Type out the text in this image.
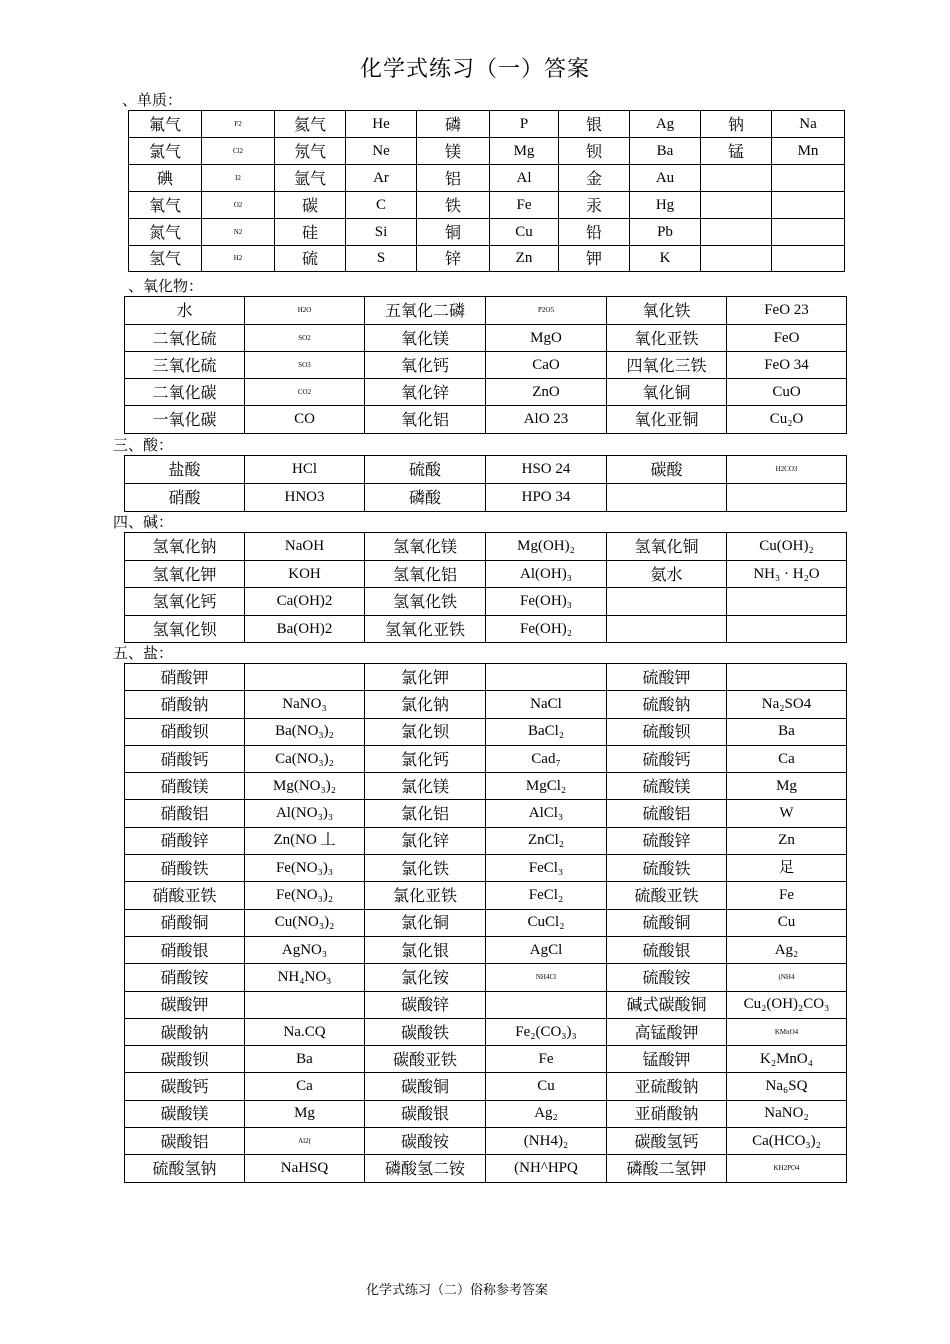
化学式练习（一）答案
、单质：
氟气	F2	氦气	He	磷	P	银	Ag	钠	Na
氯气	Cl2	氖气	Ne	镁	Mg	钡	Ba	锰	Mn
碘	I2	氩气	Ar	铝	Al	金	Au		
氧气	O2	碳	C	铁	Fe	汞	Hg		
氮气	N2	硅	Si	铜	Cu	铅	Pb		
氢气	H2	硫	S	锌	Zn	钾	K		
、氧化物：
水	H2O	五氧化二磷	P2O5	氧化铁	FeO 23
二氧化硫	SO2	氧化镁	MgO	氧化亚铁	FeO
三氧化硫	SO3	氧化钙	CaO	四氧化三铁	FeO 34
二氧化碳	CO2	氧化锌	ZnO	氧化铜	CuO
一氧化碳	CO	氧化铝	AlO 23	氧化亚铜	Cu₂O
三、酸：
盐酸	HCl	硫酸	HSO 24	碳酸	H2CO3
硝酸	HNO3	磷酸	HPO 34		
四、碱：
氢氧化钠	NaOH	氢氧化镁	Mg(OH)₂	氢氧化铜	Cu(OH)₂
氢氧化钾	KOH	氢氧化铝	Al(OH)₃	氨水	NH₃ · H₂O
氢氧化钙	Ca(OH)2	氢氧化铁	Fe(OH)₃		
氢氧化钡	Ba(OH)2	氢氧化亚铁	Fe(OH)₂		
五、盐：
硝酸钾		氯化钾		硫酸钾	
硝酸钠	NaNO₃	氯化钠	NaCl	硫酸钠	Na₂SO4
硝酸钡	Ba(NO₃)₂	氯化钡	BaCl₂	硫酸钡	Ba
硝酸钙	Ca(NO₃)₂	氯化钙	Cad₇	硫酸钙	Ca
硝酸镁	Mg(NO₃)₂	氯化镁	MgCl₂	硫酸镁	Mg
硝酸铝	Al(NO₃)₃	氯化铝	AlCl₃	硫酸铝	W
硝酸锌	Zn(NO 丄	氯化锌	ZnCl₂	硫酸锌	Zn
硝酸铁	Fe(NO₃)₃	氯化铁	FeCl₃	硫酸铁	足
硝酸亚铁	Fe(NO₃)₂	氯化亚铁	FeCl₂	硫酸亚铁	Fe
硝酸铜	Cu(NO₃)₂	氯化铜	CuCl₂	硫酸铜	Cu
硝酸银	AgNO₃	氯化银	AgCl	硫酸银	Ag₂
硝酸铵	NH₄NO₃	氯化铵	NH4Cl	硫酸铵	(NH4
碳酸钾		碳酸锌		碱式碳酸铜	Cu₂(OH)₂CO₃
碳酸钠	Na.CQ	碳酸铁	Fe₂(CO₃)₃	高锰酸钾	KMnO4
碳酸钡	Ba	碳酸亚铁	Fe	锰酸钾	K₂MnO₄
碳酸钙	Ca	碳酸铜	Cu	亚硫酸钠	Na₆SQ
碳酸镁	Mg	碳酸银	Ag₂	亚硝酸钠	NaNO₂
碳酸铝	Al2(	碳酸铵	(NH4)₂	碳酸氢钙	Ca(HCO₃)₂
硫酸氢钠	NaHSQ	磷酸氢二铵	(NH^HPQ	磷酸二氢钾	KH2PO4
化学式练习（二）俗称参考答案
